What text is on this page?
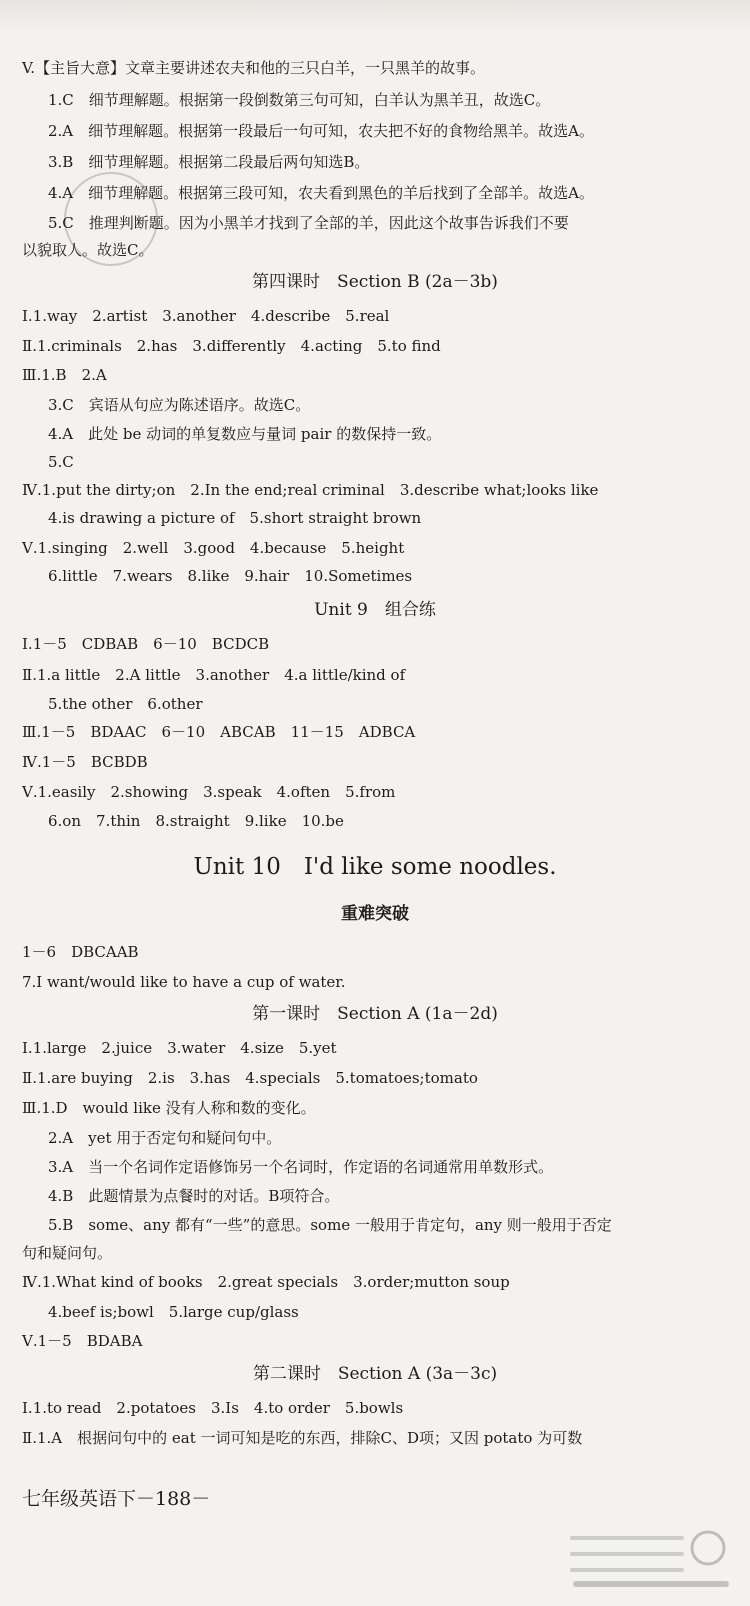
V.【主旨大意】文章主要讲述农夫和他的三只白羊，一只黑羊的故事。
1.C　细节理解题。根据第一段倒数第三句可知，白羊认为黑羊丑，故选C。
2.A　细节理解题。根据第一段最后一句可知，农夫把不好的食物给黑羊。故选A。
3.B　细节理解题。根据第二段最后两句知选B。
4.A　细节理解题。根据第三段可知，农夫看到黑色的羊后找到了全部羊。故选A。
5.C　推理判断题。因为小黑羊才找到了全部的羊，因此这个故事告诉我们不要
以貌取人。故选C。
第四课时　Section B (2a－3b)
Ⅰ.1.way　2.artist　3.another　4.describe　5.real
Ⅱ.1.criminals　2.has　3.differently　4.acting　5.to find
Ⅲ.1.B　2.A
3.C　宾语从句应为陈述语序。故选C。
4.A　此处 be 动词的单复数应与量词 pair 的数保持一致。
5.C
Ⅳ.1.put the dirty;on　2.In the end;real criminal　3.describe what;looks like
4.is drawing a picture of　5.short straight brown
Ⅴ.1.singing　2.well　3.good　4.because　5.height
6.little　7.wears　8.like　9.hair　10.Sometimes
Unit 9　组合练
Ⅰ.1－5　CDBAB　6－10　BCDCB
Ⅱ.1.a little　2.A little　3.another　4.a little/kind of
5.the other　6.other
Ⅲ.1－5　BDAAC　6－10　ABCAB　11－15　ADBCA
Ⅳ.1－5　BCBDB
Ⅴ.1.easily　2.showing　3.speak　4.often　5.from
6.on　7.thin　8.straight　9.like　10.be
Unit 10　I'd like some noodles.
重难突破
1－6　DBCAAB
7.I want/would like to have a cup of water.
第一课时　Section A (1a－2d)
Ⅰ.1.large　2.juice　3.water　4.size　5.yet
Ⅱ.1.are buying　2.is　3.has　4.specials　5.tomatoes;tomato
Ⅲ.1.D　would like 没有人称和数的变化。
2.A　yet 用于否定句和疑问句中。
3.A　当一个名词作定语修饰另一个名词时，作定语的名词通常用单数形式。
4.B　此题情景为点餐时的对话。B项符合。
5.B　some、any 都有“一些”的意思。some 一般用于肯定句，any 则一般用于否定
句和疑问句。
Ⅳ.1.What kind of books　2.great specials　3.order;mutton soup
4.beef is;bowl　5.large cup/glass
Ⅴ.1－5　BDABA
第二课时　Section A (3a－3c)
Ⅰ.1.to read　2.potatoes　3.Is　4.to order　5.bowls
Ⅱ.1.A　根据问句中的 eat 一词可知是吃的东西，排除C、D项；又因 potato 为可数
七年级英语下－188－
